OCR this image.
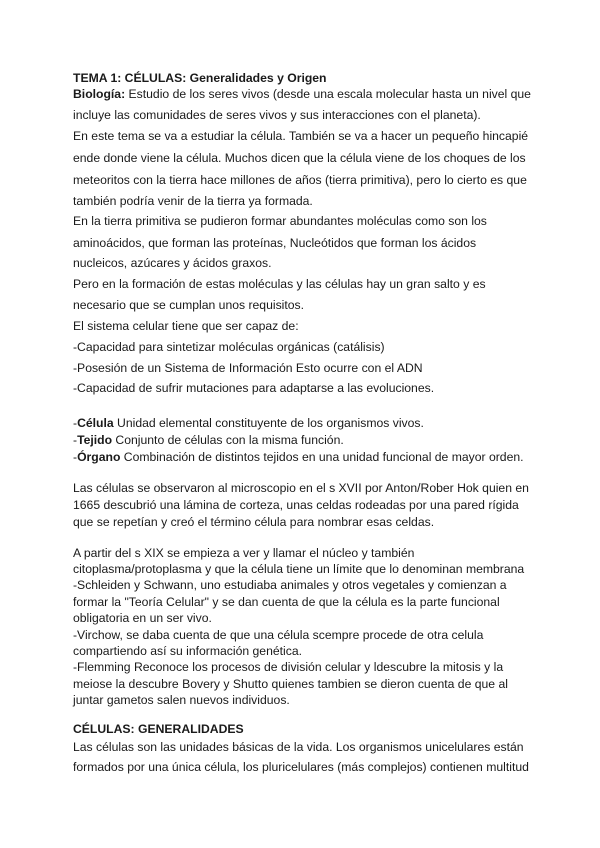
TEMA 1: CÉLULAS: Generalidades y Origen
Biología: Estudio de los seres vivos (desde una escala molecular hasta un nivel que
incluye las comunidades de seres vivos y sus interacciones con el planeta).
En este tema se va a estudiar la célula. También se va a hacer un pequeño hincapié
ende donde viene la célula. Muchos dicen que la célula viene de los choques de los
meteoritos con la tierra hace millones de años (tierra primitiva), pero lo cierto es que
también podría venir de la tierra ya formada.
En la tierra primitiva se pudieron formar abundantes moléculas como son los
aminoácidos, que forman las proteínas, Nucleótidos que forman los ácidos
nucleicos, azúcares y ácidos graxos.
Pero en la formación de estas moléculas y las células hay un gran salto y es
necesario que se cumplan unos requisitos.
El sistema celular tiene que ser capaz de:
-Capacidad para sintetizar moléculas orgánicas (catálisis)
-Posesión de un Sistema de Información Esto ocurre con el ADN
-Capacidad de sufrir mutaciones para adaptarse a las evoluciones.
-Célula Unidad elemental constituyente de los organismos vivos.
-Tejido Conjunto de células con la misma función.
-Órgano Combinación de distintos tejidos en una unidad funcional de mayor orden.
Las células se observaron al microscopio en el s XVII por Anton/Rober Hok quien en
1665 descubrió una lámina de corteza, unas celdas rodeadas por una pared rígida
que se repetían y creó el término célula para nombrar esas celdas.
A partir del s XIX se empieza a ver y llamar el núcleo y también
citoplasma/protoplasma y que la célula tiene un límite que lo denominan membrana
-Schleiden y Schwann, uno estudiaba animales y otros vegetales y comienzan a
formar la "Teoría Celular" y se dan cuenta de que la célula es la parte funcional
obligatoria en un ser vivo.
-Virchow, se daba cuenta de que una célula scempre procede de otra celula
compartiendo así su información genética.
-Flemming Reconoce los procesos de división celular y ldescubre la mitosis y la
meiose la descubre Bovery y Shutto quienes tambien se dieron cuenta de que al
juntar gametos salen nuevos individuos.
CÉLULAS: GENERALIDADES
Las células son las unidades básicas de la vida. Los organismos unicelulares están
formados por una única célula, los pluricelulares (más complejos) contienen multitud
